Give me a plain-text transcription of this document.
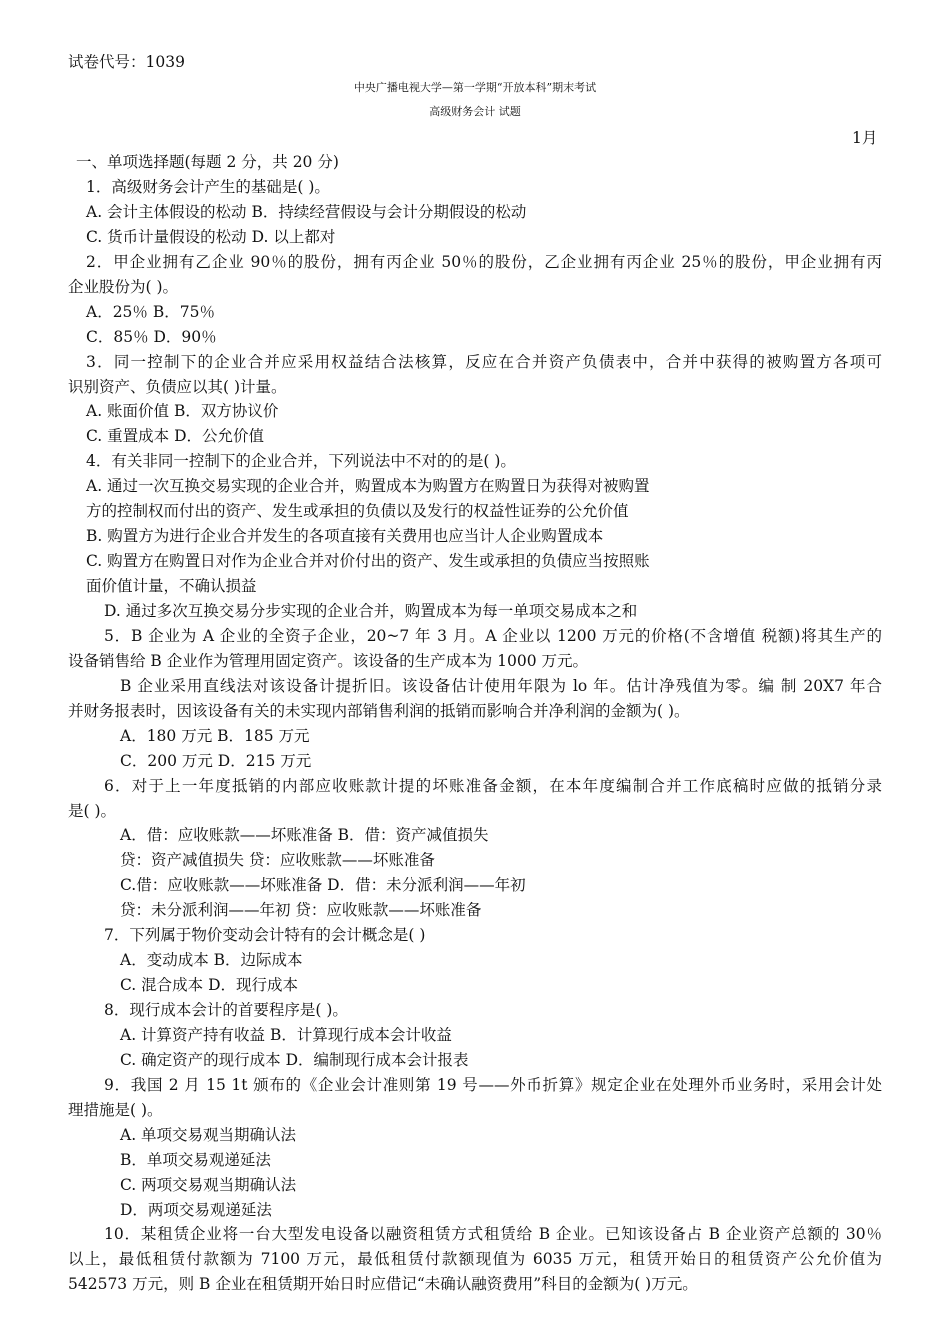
试卷代号：1039
中央广播电视大学—第一学期“开放本科”期末考试
高级财务会计 试题
1月
一、单项选择题(每题 2 分，共 20 分)
1．高级财务会计产生的基础是( )。
A. 会计主体假设的松动 B．持续经营假设与会计分期假设的松动
C. 货币计量假设的松动 D. 以上都对
2．甲企业拥有乙企业 90％的股份，拥有丙企业 50％的股份，乙企业拥有丙企业 25％的股份，甲企业拥有丙
企业股份为( )。
A．25％ B．75％
C．85％ D．90％
3．同一控制下的企业合并应采用权益结合法核算，反应在合并资产负债表中，合并中获得的被购置方各项可
识别资产、负债应以其( )计量。
A. 账面价值 B．双方协议价
C. 重置成本 D．公允价值
4．有关非同一控制下的企业合并，下列说法中不对的的是( )。
A. 通过一次互换交易实现的企业合并，购置成本为购置方在购置日为获得对被购置
方的控制权而付出的资产、发生或承担的负债以及发行的权益性证券的公允价值
B. 购置方为进行企业合并发生的各项直接有关费用也应当计人企业购置成本
C. 购置方在购置日对作为企业合并对价付出的资产、发生或承担的负债应当按照账
面价值计量，不确认损益
D. 通过多次互换交易分步实现的企业合并，购置成本为每一单项交易成本之和
5．B 企业为 A 企业的全资子企业，20~7 年 3 月。A 企业以 1200 万元的价格(不含增值 税额)将其生产的
设备销售给 B 企业作为管理用固定资产。该设备的生产成本为 1000 万元。
B 企业采用直线法对该设备计提折旧。该设备估计使用年限为 lo 年。估计净残值为零。编 制 20X7 年合
并财务报表时，因该设备有关的未实现内部销售利润的抵销而影响合并净利润的金额为( )。
A．180 万元 B．185 万元
C．200 万元 D．215 万元
6．对于上一年度抵销的内部应收账款计提的坏账准备金额，在本年度编制合并工作底稿时应做的抵销分录
是( )。
A．借：应收账款——坏账准备 B．借：资产减值损失
贷：资产减值损失 贷：应收账款——坏账准备
C.借：应收账款——坏账准备 D．借：未分派利润——年初
贷：未分派利润——年初 贷：应收账款——坏账准备
7．下列属于物价变动会计特有的会计概念是( )
A．变动成本 B．边际成本
C. 混合成本 D．现行成本
8．现行成本会计的首要程序是( )。
A. 计算资产持有收益 B．计算现行成本会计收益
C. 确定资产的现行成本 D．编制现行成本会计报表
9．我国 2 月 15 1t 颁布的《企业会计准则第 19 号——外币折算》规定企业在处理外币业务时，采用会计处
理措施是( )。
A. 单项交易观当期确认法
B．单项交易观递延法
C. 两项交易观当期确认法
D．两项交易观递延法
10．某租赁企业将一台大型发电设备以融资租赁方式租赁给 B 企业。已知该设备占 B 企业资产总额的 30％
以上，最低租赁付款额为 7100 万元，最低租赁付款额现值为 6035 万元，租赁开始日的租赁资产公允价值为
542573 万元，则 B 企业在租赁期开始日时应借记“未确认融资费用”科目的金额为( )万元。
